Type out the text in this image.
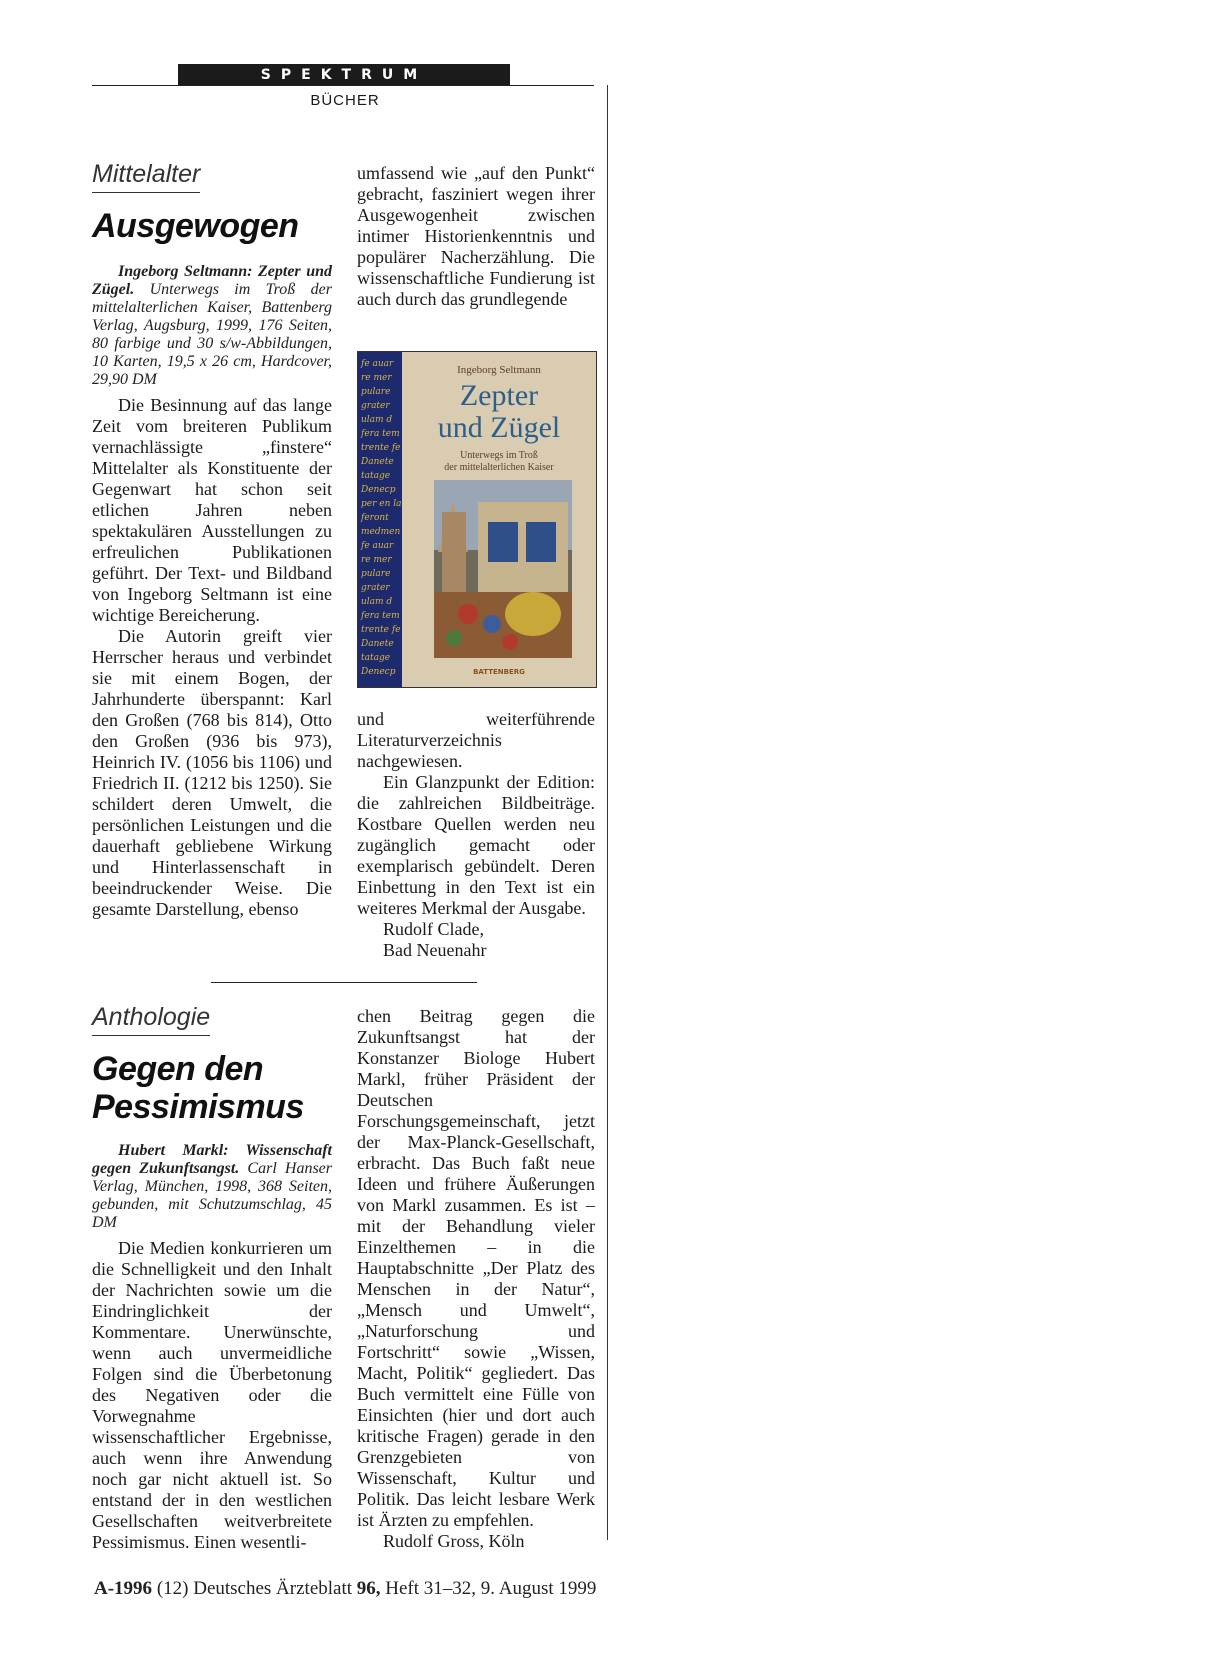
SPEKTRUM
BÜCHER
Mittelalter
Ausgewogen
Ingeborg Seltmann: Zepter und Zügel. Unterwegs im Troß der mittelalterlichen Kaiser, Battenberg Verlag, Augsburg, 1999, 176 Seiten, 80 farbige und 30 s/w-Abbildungen, 10 Karten, 19,5 x 26 cm, Hardcover, 29,90 DM

Die Besinnung auf das lange Zeit vom breiteren Publikum vernachlässigte „finstere“ Mittelalter als Konstituente der Gegenwart hat schon seit etlichen Jahren neben spektakulären Ausstellungen zu erfreulichen Publikationen geführt. Der Text- und Bildband von Ingeborg Seltmann ist eine wichtige Bereicherung.

Die Autorin greift vier Herrscher heraus und verbindet sie mit einem Bogen, der Jahrhunderte überspannt: Karl den Großen (768 bis 814), Otto den Großen (936 bis 973), Heinrich IV. (1056 bis 1106) und Friedrich II. (1212 bis 1250). Sie schildert deren Umwelt, die persönlichen Leistungen und die dauerhaft gebliebene Wirkung und Hinterlassenschaft in beeindruckender Weise. Die gesamte Darstellung, ebenso

umfassend wie „auf den Punkt“ gebracht, fasziniert wegen ihrer Ausgewogenheit zwischen intimer Historienkenntnis und populärer Nacherzählung. Die wissenschaftliche Fundierung ist auch durch das grundlegende

fe auar
re mer
pulare
grater
ulam d
fera tem
trente fe
Danete
tatage
Denecp
per en la
feront
medmen
fe auar
re mer
pulare
grater
ulam d
fera tem
trente fe
Danete
tatage
Denecp
Ingeborg Seltmann
Zepter
und Zügel
Unterwegs im Troß
der mittelalterlichen Kaiser
BATTENBERG

und weiterführende Literaturverzeichnis nachgewiesen.

Ein Glanzpunkt der Edition: die zahlreichen Bildbeiträge. Kostbare Quellen werden neu zugänglich gemacht oder exemplarisch gebündelt. Deren Einbettung in den Text ist ein weiteres Merkmal der Ausgabe.

Rudolf Clade,
Bad Neuenahr
Anthologie
Gegen den
Pessimismus
Hubert Markl: Wissenschaft gegen Zukunftsangst. Carl Hanser Verlag, München, 1998, 368 Seiten, gebunden, mit Schutzumschlag, 45 DM

Die Medien konkurrieren um die Schnelligkeit und den Inhalt der Nachrichten sowie um die Eindringlichkeit der Kommentare. Unerwünschte, wenn auch unvermeidliche Folgen sind die Überbetonung des Negativen oder die Vorwegnahme wissenschaftlicher Ergebnisse, auch wenn ihre Anwendung noch gar nicht aktuell ist. So entstand der in den westlichen Gesellschaften weitverbreitete Pessimismus. Einen wesentli-

chen Beitrag gegen die Zukunftsangst hat der Konstanzer Biologe Hubert Markl, früher Präsident der Deutschen Forschungsgemeinschaft, jetzt der Max-Planck-Gesellschaft, erbracht. Das Buch faßt neue Ideen und frühere Äußerungen von Markl zusammen. Es ist – mit der Behandlung vieler Einzelthemen – in die Hauptabschnitte „Der Platz des Menschen in der Natur“, „Mensch und Umwelt“, „Naturforschung und Fortschritt“ sowie „Wissen, Macht, Politik“ gegliedert. Das Buch vermittelt eine Fülle von Einsichten (hier und dort auch kritische Fragen) gerade in den Grenzgebieten von Wissenschaft, Kultur und Politik. Das leicht lesbare Werk ist Ärzten zu empfehlen.

Rudolf Gross, Köln
A-1996 (12) Deutsches Ärzteblatt 96, Heft 31–32, 9. August 1999
